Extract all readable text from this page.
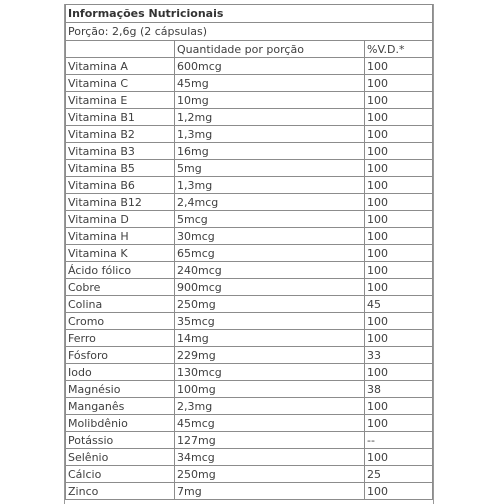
Informações Nutricionais		
Porção: 2,6g (2 cápsulas)		
	Quantidade por porção	%V.D.*
Vitamina A	600mcg	100
Vitamina C	45mg	100
Vitamina E	10mg	100
Vitamina B1	1,2mg	100
Vitamina B2	1,3mg	100
Vitamina B3	16mg	100
Vitamina B5	5mg	100
Vitamina B6	1,3mg	100
Vitamina B12	2,4mcg	100
Vitamina D	5mcg	100
Vitamina H	30mcg	100
Vitamina K	65mcg	100
Ácido fólico	240mcg	100
Cobre	900mcg	100
Colina	250mg	45
Cromo	35mcg	100
Ferro	14mg	100
Fósforo	229mg	33
Iodo	130mcg	100
Magnésio	100mg	38
Manganês	2,3mg	100
Molibdênio	45mcg	100
Potássio	127mg	--
Selênio	34mcg	100
Cálcio	250mg	25
Zinco	7mg	100
